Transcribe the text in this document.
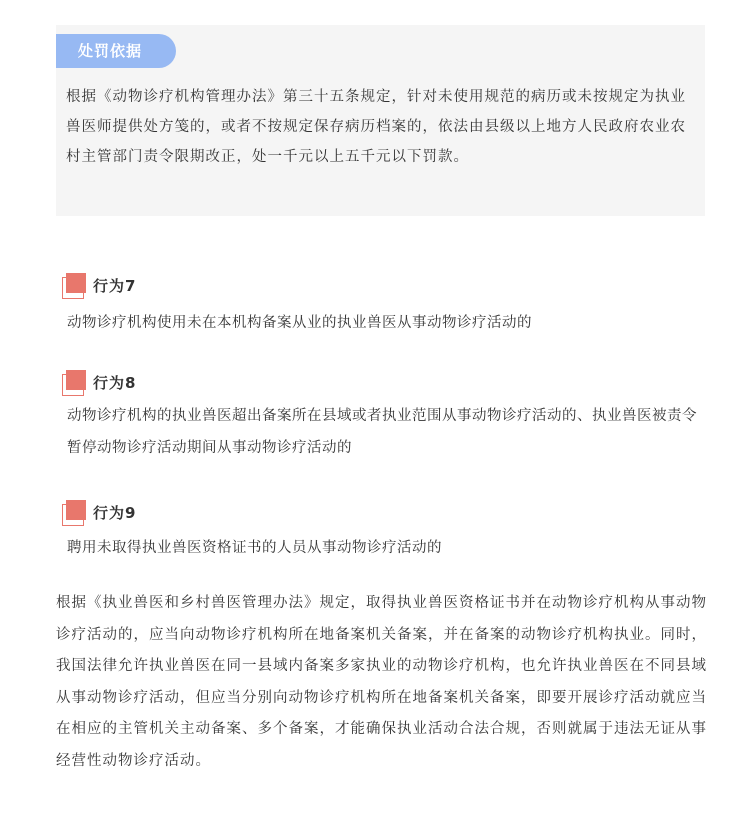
处罚依据

根据《动物诊疗机构管理办法》第三十五条规定，针对未使用规范的病历或未按规定为执业兽医师提供处方笺的，或者不按规定保存病历档案的，依法由县级以上地方人民政府农业农村主管部门责令限期改正，处一千元以上五千元以下罚款。

行为7

动物诊疗机构使用未在本机构备案从业的执业兽医从事动物诊疗活动的

行为8

动物诊疗机构的执业兽医超出备案所在县域或者执业范围从事动物诊疗活动的、执业兽医被责令暂停动物诊疗活动期间从事动物诊疗活动的

行为9

聘用未取得执业兽医资格证书的人员从事动物诊疗活动的

根据《执业兽医和乡村兽医管理办法》规定，取得执业兽医资格证书并在动物诊疗机构从事动物诊疗活动的，应当向动物诊疗机构所在地备案机关备案，并在备案的动物诊疗机构执业。同时，我国法律允许执业兽医在同一县域内备案多家执业的动物诊疗机构，也允许执业兽医在不同县域从事动物诊疗活动，但应当分别向动物诊疗机构所在地备案机关备案，即要开展诊疗活动就应当在相应的主管机关主动备案、多个备案，才能确保执业活动合法合规，否则就属于违法无证从事经营性动物诊疗活动。
